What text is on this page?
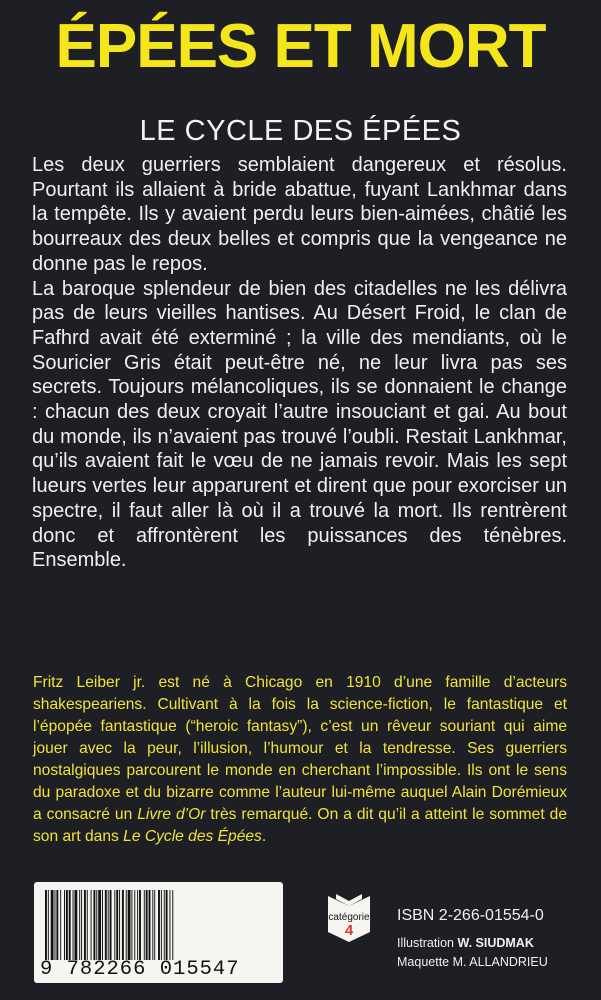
ÉPÉES ET MORT
LE CYCLE DES ÉPÉES

Les deux guerriers semblaient dangereux et résolus. Pourtant ils allaient à bride abattue, fuyant Lankhmar dans la tempête. Ils y avaient perdu leurs bien-aimées, châtié les bourreaux des deux belles et compris que la vengeance ne donne pas le repos.

La baroque splendeur de bien des citadelles ne les délivra pas de leurs vieilles hantises. Au Désert Froid, le clan de Fafhrd avait été exterminé ; la ville des mendiants, où le Souricier Gris était peut-être né, ne leur livra pas ses secrets. Toujours mélancoliques, ils se donnaient le change : chacun des deux croyait l’autre insouciant et gai. Au bout du monde, ils n’avaient pas trouvé l’oubli. Restait Lankhmar, qu’ils avaient fait le vœu de ne jamais revoir. Mais les sept lueurs vertes leur apparurent et dirent que pour exorciser un spectre, il faut aller là où il a trouvé la mort. Ils rentrèrent donc et affrontèrent les puissances des ténèbres. Ensemble.

Fritz Leiber jr. est né à Chicago en 1910 d’une famille d’acteurs shakespeariens. Cultivant à la fois la science-fiction, le fantastique et l’épopée fantastique (“heroic fantasy”), c’est un rêveur souriant qui aime jouer avec la peur, l’illusion, l’humour et la tendresse. Ses guerriers nostalgiques parcourent le monde en cherchant l’impossible. Ils ont le sens du paradoxe et du bizarre comme l’auteur lui-même auquel Alain Dorémieux a consacré un Livre d’Or très remarqué. On a dit qu’il a atteint le sommet de son art dans Le Cycle des Épées.

9 782266 015547
catégorie
4
ISBN 2-266-01554-0
Illustration W. SIUDMAK
Maquette M. ALLANDRIEU
